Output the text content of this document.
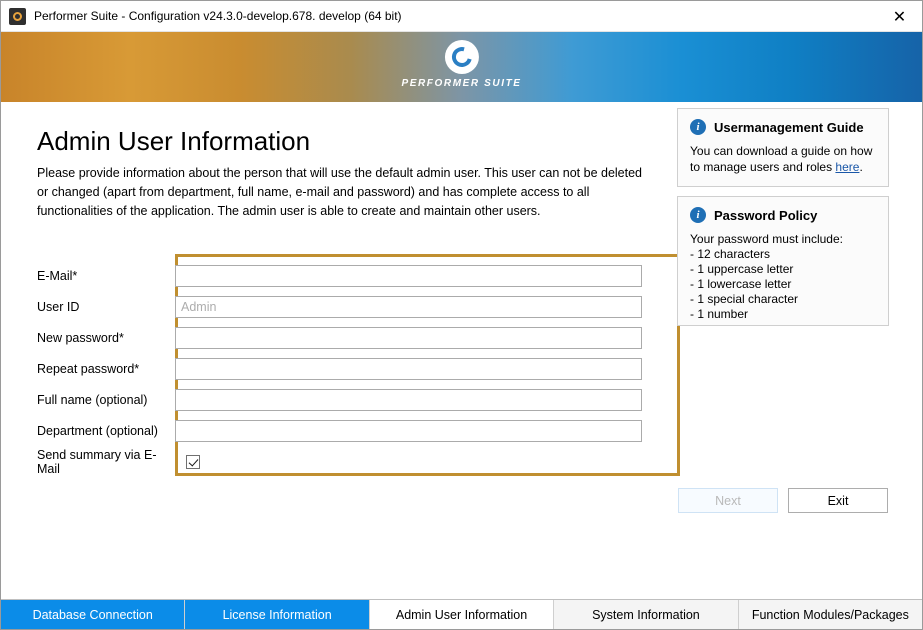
Performer Suite - Configuration v24.3.0-develop.678. develop (64 bit)	✕
PERFORMER SUITE
Admin User Information
Please provide information about the person that will use the default admin user. This user can not be deleted or changed (apart from department, full name, e-mail and password) and has complete access to all functionalities of the application. The admin user is able to create and maintain other users.
E-Mail*
User ID
Admin
New password*
Repeat password*
Full name (optional)
Department (optional)
Send summary via E-Mail
i	Usermanagement Guide
You can download a guide on how to manage users and roles here.
i	Password Policy
Your password must include:
- 12 characters
- 1 uppercase letter
- 1 lowercase letter
- 1 special character
- 1 number
Next	Exit
Database Connection	License Information	Admin User Information	System Information	Function Modules/Packages
